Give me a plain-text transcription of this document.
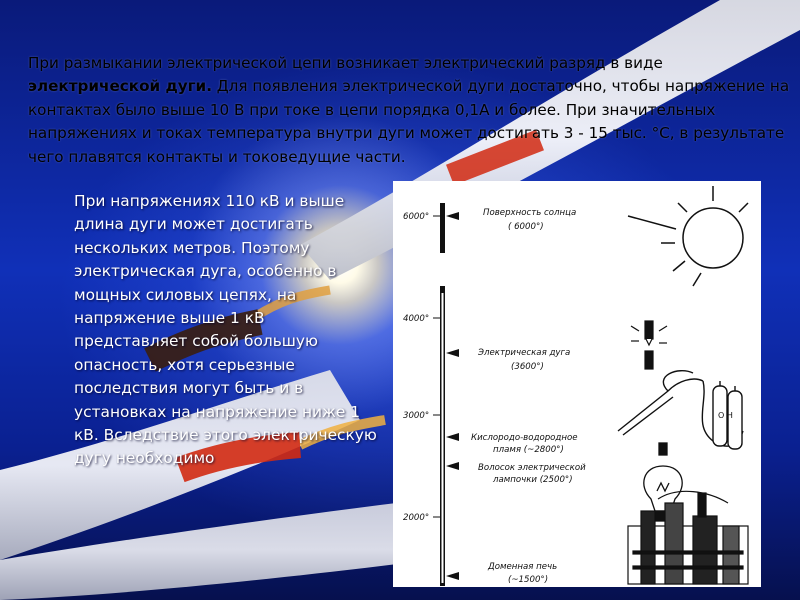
При размыкании электрической цепи возникает электрический разряд в виде электрической дуги. Для появления электрической дуги достаточно, чтобы напряжение на контактах было выше 10 В при токе в цепи порядка 0,1А и более. При значительных напряжениях и токах температура внутри дуги может достигать 3 - 15 тыс. °С, в результате чего плавятся контакты и токоведущие части.

6000°
4000°
3000°
2000°
Поверхность солнца
( 6000°)
Электрическая дуга
(3600°)
Кислородо-водородное
пламя (~2800°)
Волосок электрической
лампочки (2500°)
Доменная печь
(~1500°)
О Н

При напряжениях 110 кВ и выше длина дуги может достигать нескольких метров. Поэтому электрическая дуга, особенно в мощных силовых цепях, на напряжение выше 1 кВ представляет собой большую опасность, хотя серьезные последствия могут быть и в установках на напряжение ниже 1 кВ. Вследствие этого электрическую дугу необходимо
